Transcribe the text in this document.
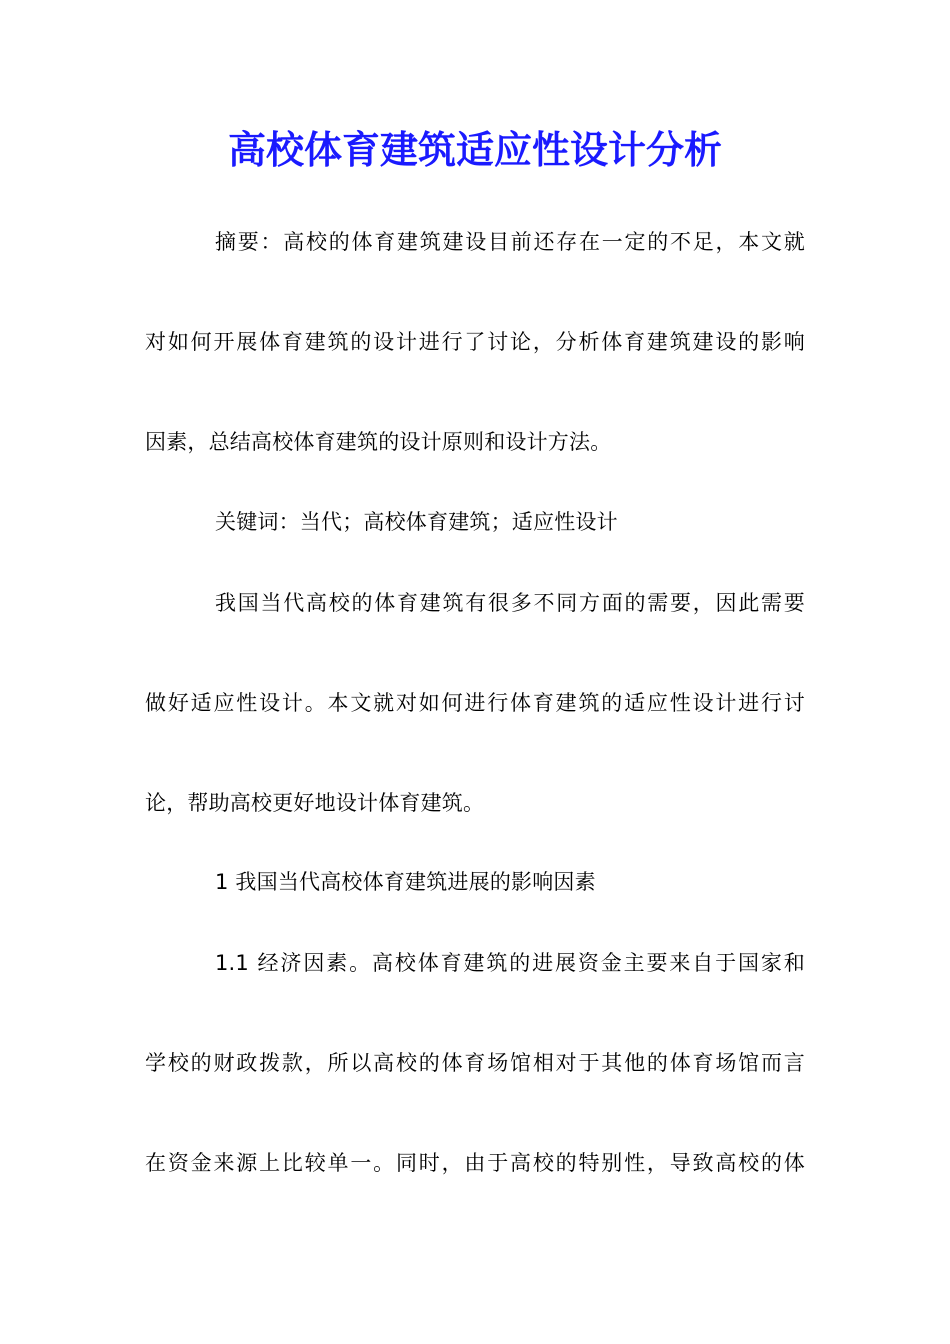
高校体育建筑适应性设计分析

摘要：高校的体育建筑建设目前还存在一定的不足，本文就

对如何开展体育建筑的设计进行了讨论，分析体育建筑建设的影响

因素，总结高校体育建筑的设计原则和设计方法。

关键词：当代；高校体育建筑；适应性设计

我国当代高校的体育建筑有很多不同方面的需要，因此需要

做好适应性设计。本文就对如何进行体育建筑的适应性设计进行讨

论，帮助高校更好地设计体育建筑。

1 我国当代高校体育建筑进展的影响因素

1.1 经济因素。高校体育建筑的进展资金主要来自于国家和

学校的财政拨款，所以高校的体育场馆相对于其他的体育场馆而言

在资金来源上比较单一。同时，由于高校的特别性，导致高校的体
